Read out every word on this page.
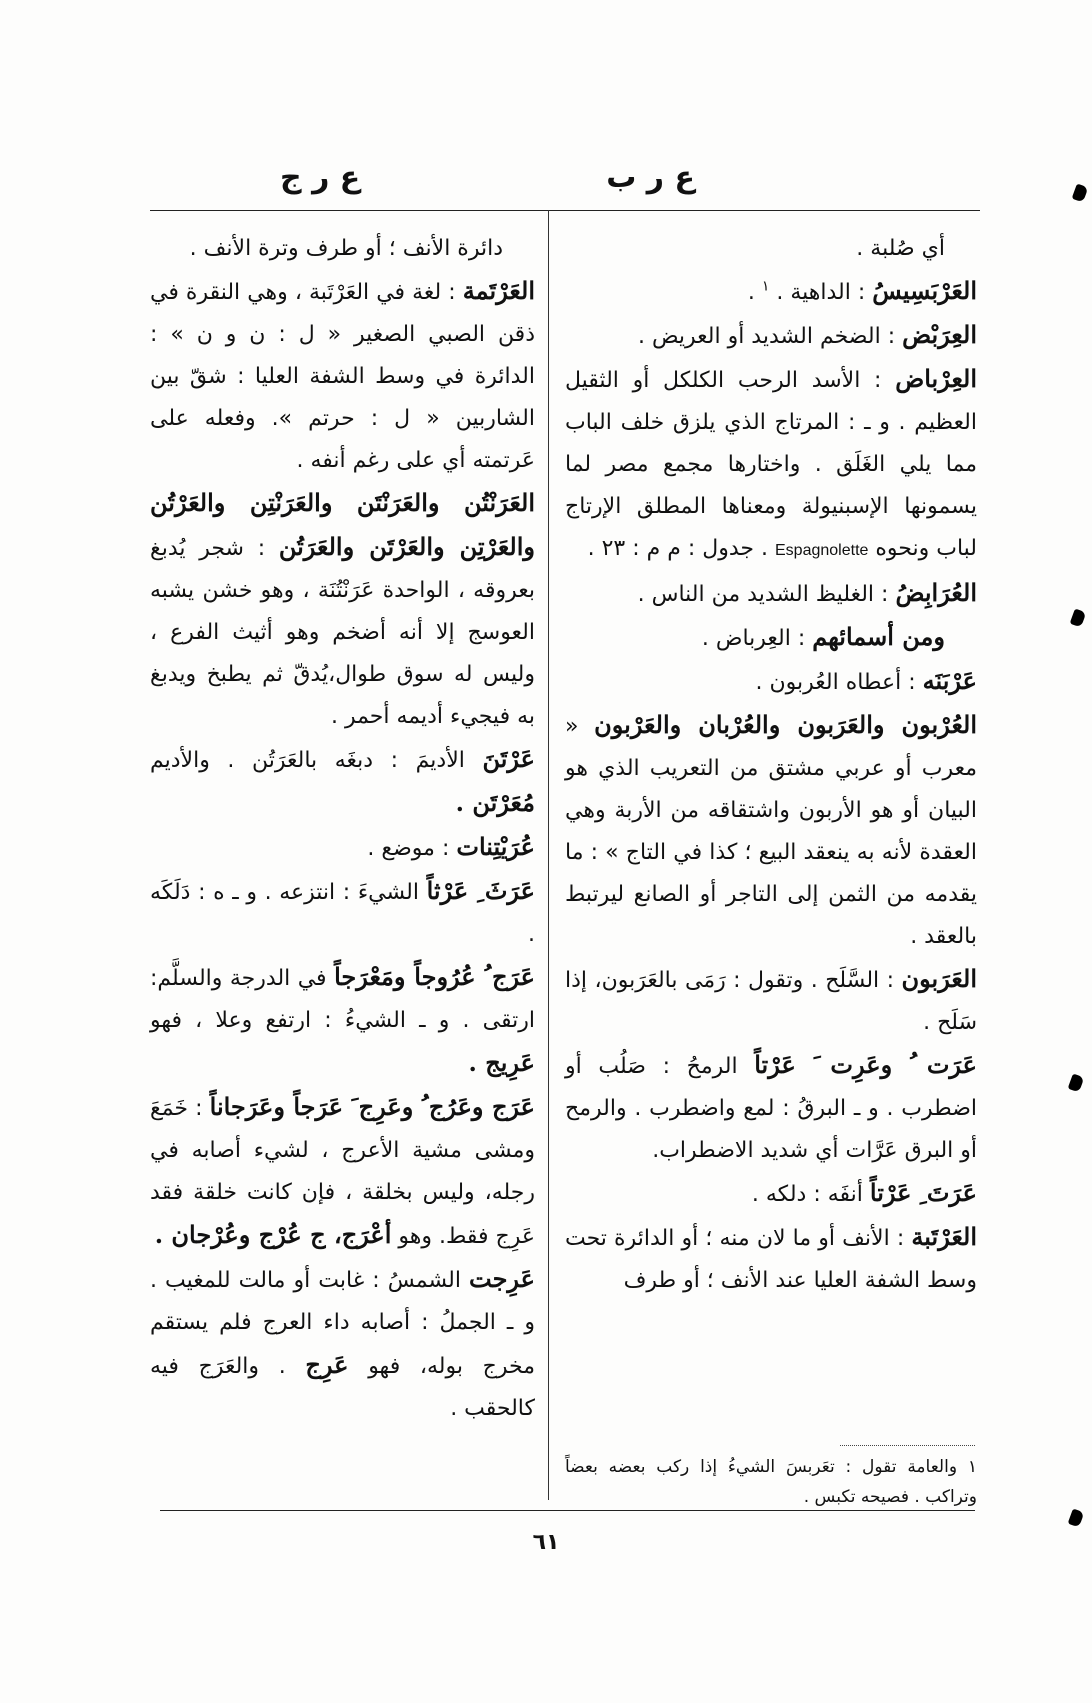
ع ر ب
ع ر ج

أي صُلبة .

العَرْبَسِيسُ : الداهية . $^١$ .

العِرَبْض : الضخم الشديد أو العريض .

العِرْباض : الأسد الرحب الكلكل أو الثقيل العظيم . و ـ : المرتاج الذي يلزق خلف الباب مما يلي الغَلَق . واختارها مجمع مصر لما يسمونها الإسبنيولة ومعناها المطلق الإرتاج لباب ونحوه Espagnolette . جدول : م م : ٢٣ .

العُرَابِضُ : الغليظ الشديد من الناس .

ومن أسمائهم : العِرباض .

عَرْبَنَه : أعطاه العُربون .

العُرْبون والعَرَبون والعُرْبان والعَرْبون « معرب أو عربي مشتق من التعريب الذي هو البيان أو هو الأربون واشتقاقه من الأربة وهي العقدة لأنه به ينعقد البيع ؛ كذا في التاج » : ما يقدمه من الثمن إلى التاجر أو الصانع ليرتبط بالعقد .

العَرَبون : السَّلَح . وتقول : رَمَى بالعَرَبون، إذا سَلَح .

عَرَت ُ وعَرِت َ عَرْتاً الرمحُ : صَلُب أو اضطرب . و ـ البرقُ : لمع واضطرب . والرمح أو البرق عَرَّات أي شديد الاضطراب.

عَرَتَ ِ عَرْتاً أنفَه : دلكه .

العَرْتَبة : الأنف أو ما لان منه ؛ أو الدائرة تحت وسط الشفة العليا عند الأنف ؛ أو طرف

١ والعامة تقول : تعَربسَ الشيءُ إذا ركب بعضه بعضاً وتراكب . فصيحه تكبس .

دائرة الأنف ؛ أو طرف وترة الأنف .

العَرْتَمة : لغة في العَرْتَبة ، وهي النقرة في ذقن الصبي الصغير « ل : ن و ن » : الدائرة في وسط الشفة العليا : شقّ بين الشاربين « ل : حرتم ». وفعله على عَرتمته أي على رغم أنفه .

العَرَنْتُن والعَرَنْتَن والعَرَنْتِن والعَرْتُن والعَرْتِن والعَرْتَن والعَرَتُن : شجر يُدبغ بعروقه ، الواحدة عَرَنْتُنَة ، وهو خشن يشبه العوسج إلا أنه أضخم وهو أثيث الفرع ، وليس له سوق طوال،يُدقّ ثم يطبخ ويدبغ به فيجيء أديمه أحمر .

عَرْتَنَ الأديمَ : دبغَه بالعَرَتُن . والأديم مُعَرْتَن .

عُرَيْتِنات : موضع .

عَرَثَ ِ عَرْثاً الشيءَ : انتزعه . و ـ ه : دَلَكَه .

عَرَج ُ عُرُوجاً ومَعْرَجاً في الدرجة والسلَّم: ارتقى . و ـ الشيءُ : ارتفع وعلا ، فهو عَرِيج .

عَرَج وعَرُج ُ وعَرِج َ عَرَجاً وعَرَجاناً : خَمَعَ ومشى مشية الأعرج ، لشيء أصابه في رجله، وليس بخلقة ، فإن كانت خلقة فقد عَرِج فقط. وهو أعْرَج، ج عُرْج وعُرْجان .

عَرِجت الشمسُ : غابت أو مالت للمغيب . و ـ الجملُ : أصابه داء العرج فلم يستقم مخرج بوله، فهو عَرِج . والعَرَج فيه كالحقب .

٦١
